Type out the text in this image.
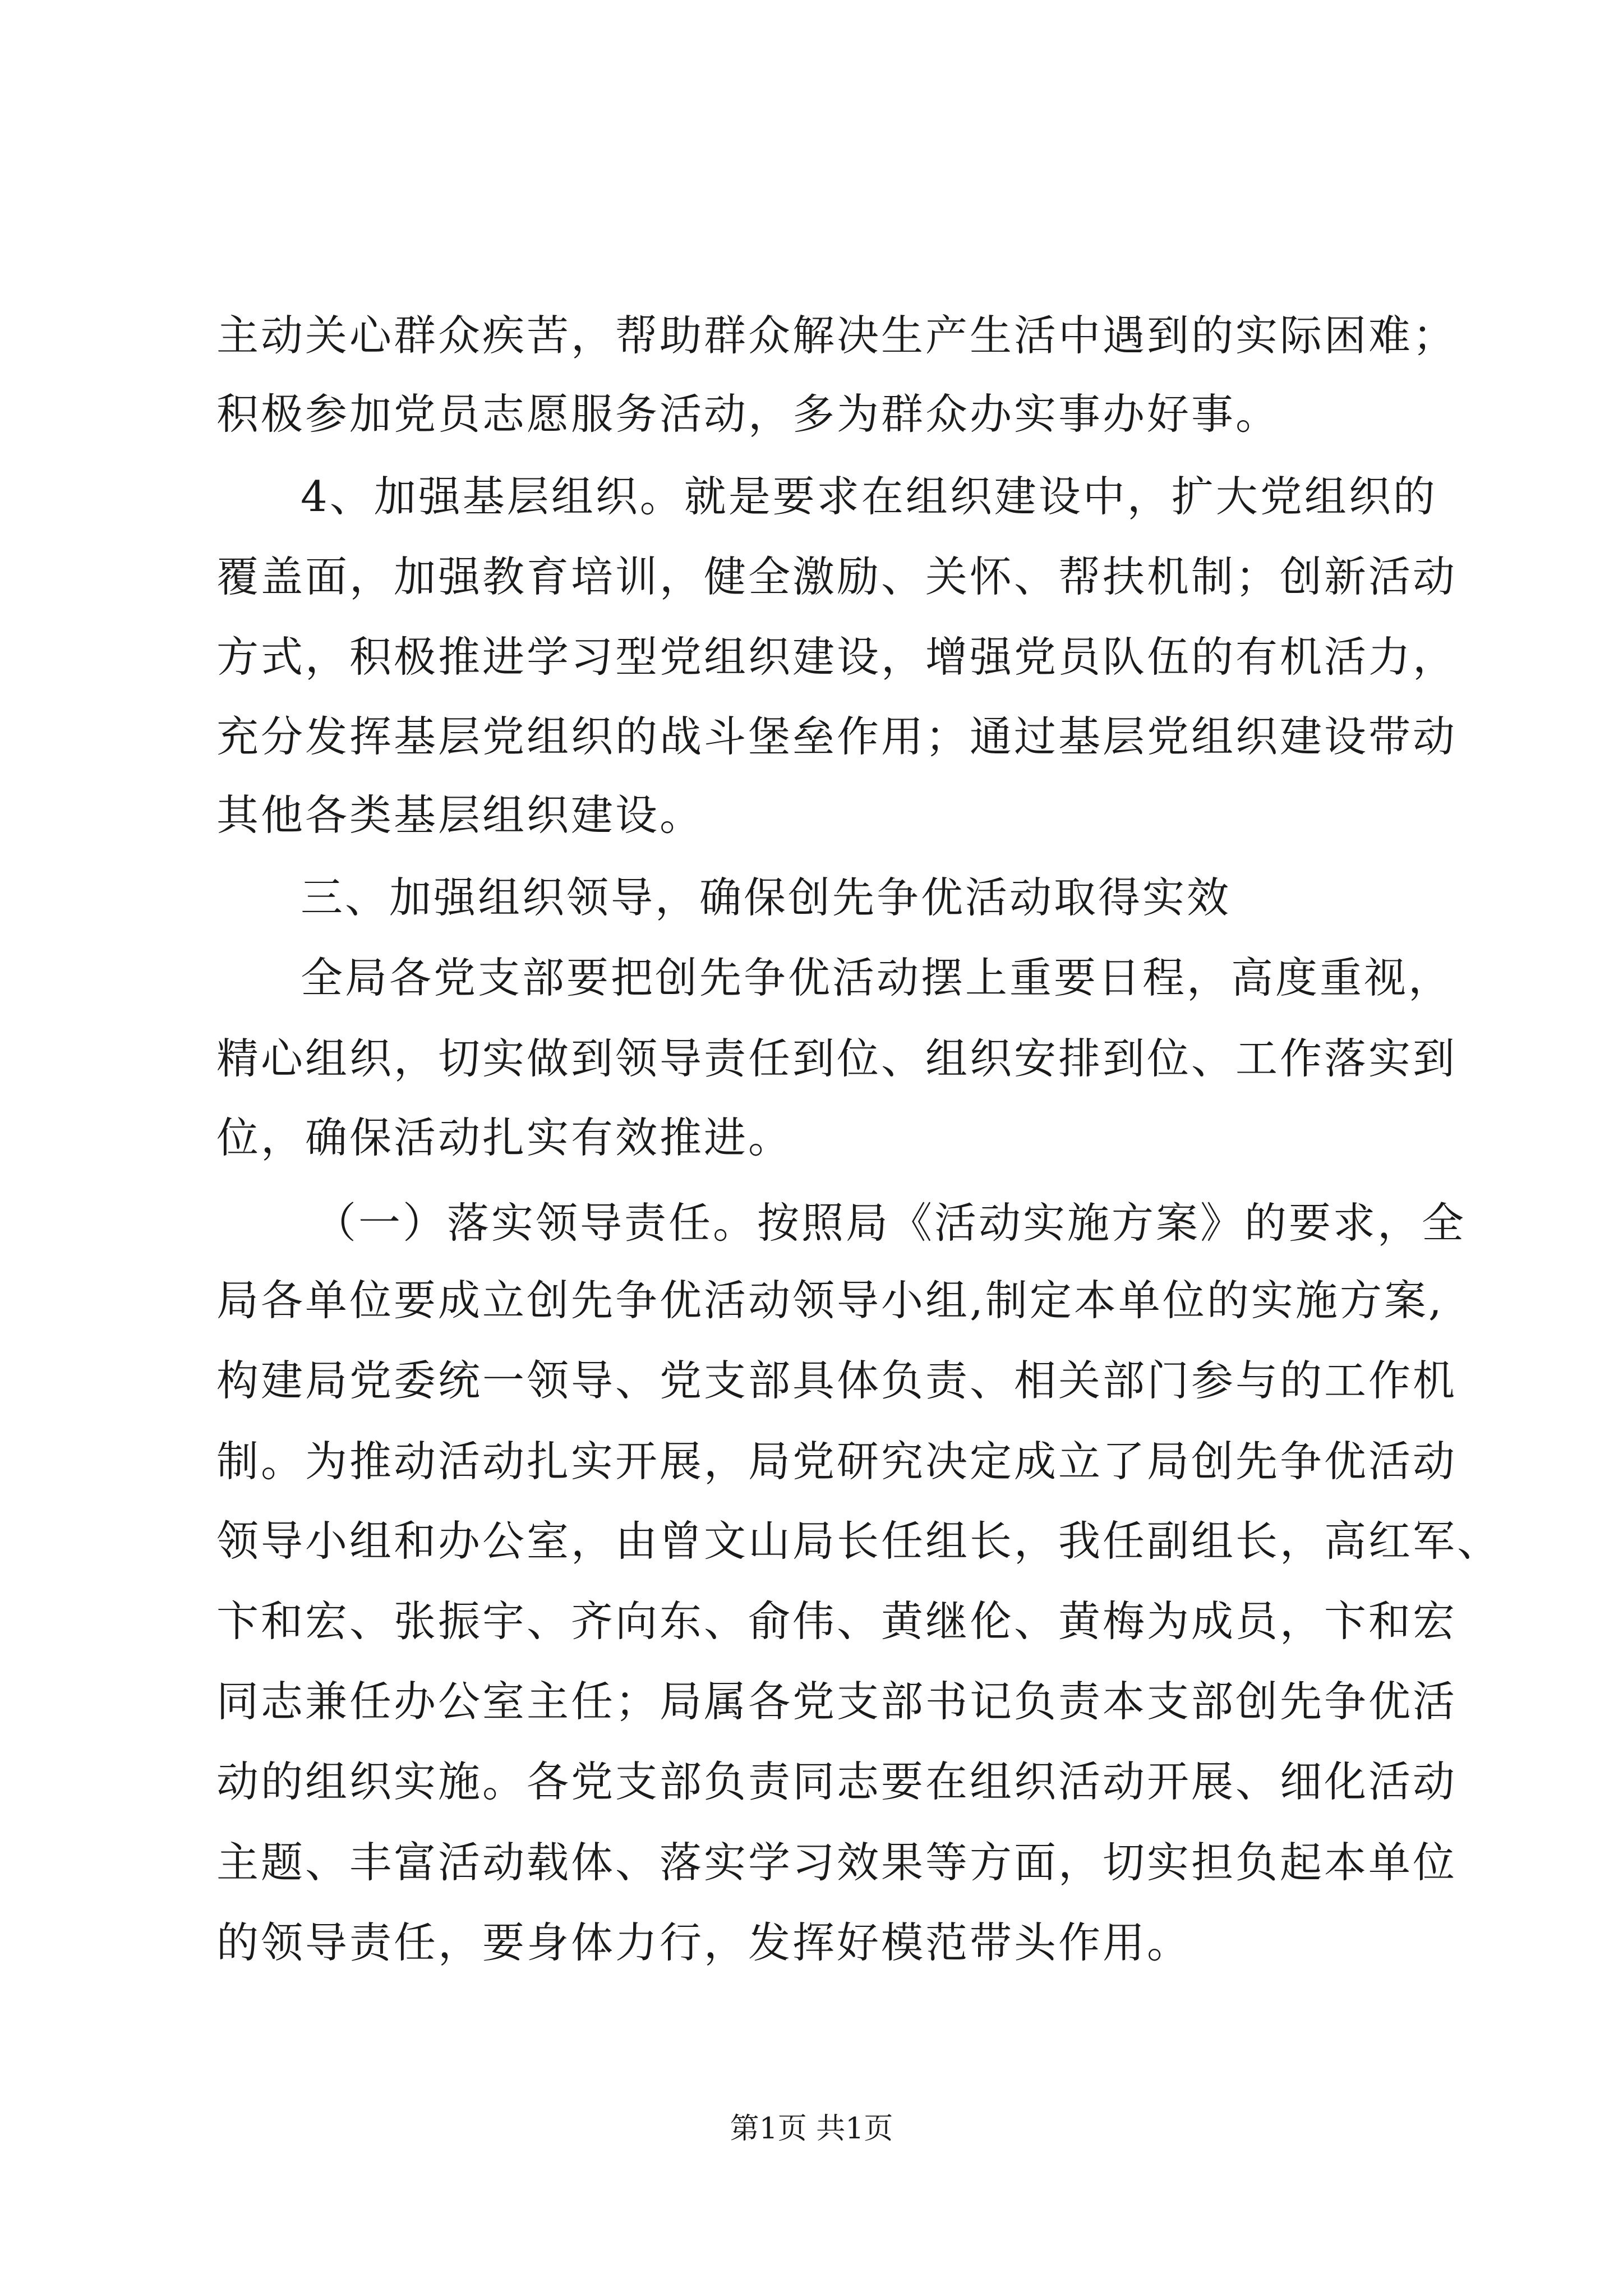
主动关心群众疾苦，帮助群众解决生产生活中遇到的实际困难；
积极参加党员志愿服务活动，多为群众办实事办好事。
4、加强基层组织。就是要求在组织建设中，扩大党组织的
覆盖面，加强教育培训，健全激励、关怀、帮扶机制；创新活动
方式，积极推进学习型党组织建设，增强党员队伍的有机活力，
充分发挥基层党组织的战斗堡垒作用；通过基层党组织建设带动
其他各类基层组织建设。
三、加强组织领导，确保创先争优活动取得实效
全局各党支部要把创先争优活动摆上重要日程，高度重视，
精心组织，切实做到领导责任到位、组织安排到位、工作落实到
位，确保活动扎实有效推进。
（一）落实领导责任。按照局《活动实施方案》的要求，全
局各单位要成立创先争优活动领导小组,制定本单位的实施方案,
构建局党委统一领导、党支部具体负责、相关部门参与的工作机
制。为推动活动扎实开展，局党研究决定成立了局创先争优活动
领导小组和办公室，由曾文山局长任组长，我任副组长，高红军、
卞和宏、张振宇、齐向东、俞伟、黄继伦、黄梅为成员，卞和宏
同志兼任办公室主任；局属各党支部书记负责本支部创先争优活
动的组织实施。各党支部负责同志要在组织活动开展、细化活动
主题、丰富活动载体、落实学习效果等方面，切实担负起本单位
的领导责任，要身体力行，发挥好模范带头作用。
第1页 共1页
